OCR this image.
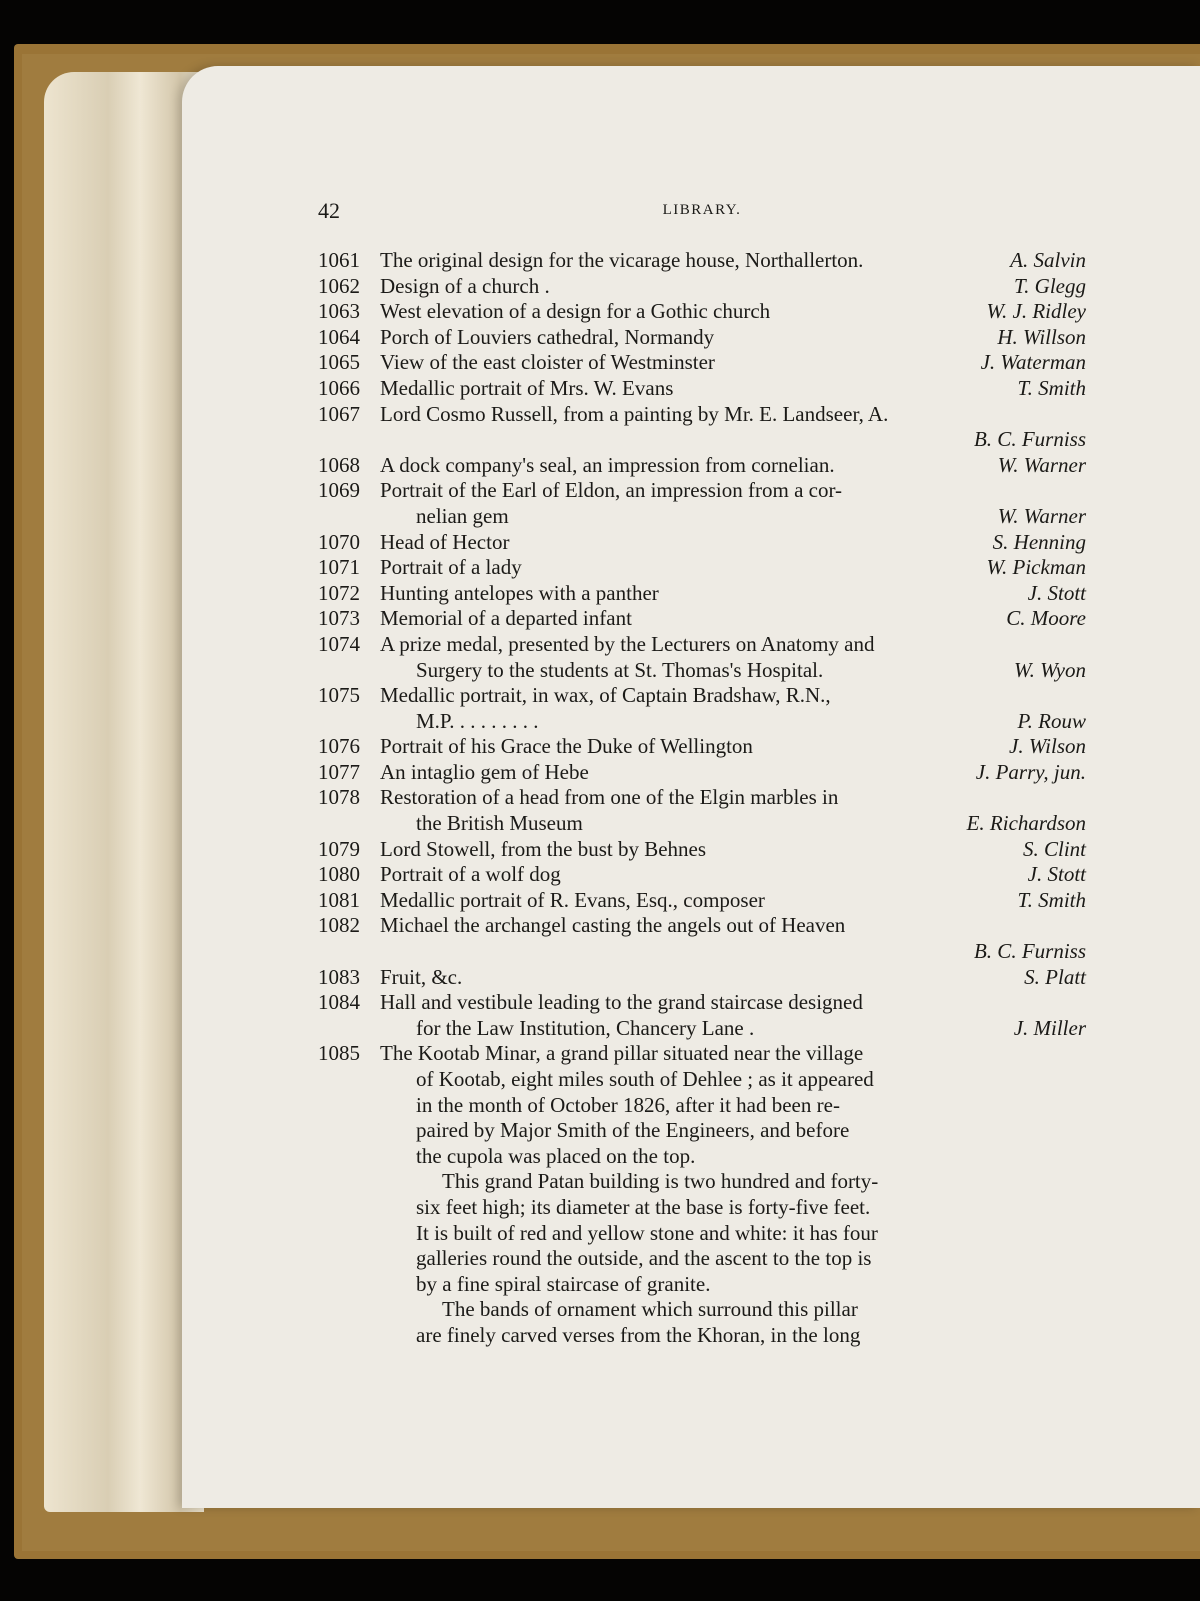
42	LIBRARY.
1061 The original design for the vicarage house, Northallerton.	A. Salvin
1062 Design of a church .	T. Glegg
1063 West elevation of a design for a Gothic church	W. J. Ridley
1064 Porch of Louviers cathedral, Normandy	H. Willson
1065 View of the east cloister of Westminster	J. Waterman
1066 Medallic portrait of Mrs. W. Evans	T. Smith
1067 Lord Cosmo Russell, from a painting by Mr. E. Landseer, A.
B. C. Furniss
1068 A dock company's seal, an impression from cornelian.	W. Warner
1069 Portrait of the Earl of Eldon, an impression from a cor-
nelian gem	W. Warner
1070 Head of Hector	S. Henning
1071 Portrait of a lady	W. Pickman
1072 Hunting antelopes with a panther	J. Stott
1073 Memorial of a departed infant	C. Moore
1074 A prize medal, presented by the Lecturers on Anatomy and
Surgery to the students at St. Thomas's Hospital.	W. Wyon
1075 Medallic portrait, in wax, of Captain Bradshaw, R.N.,
M.P. . . . . . . . .	P. Rouw
1076 Portrait of his Grace the Duke of Wellington	J. Wilson
1077 An intaglio gem of Hebe	J. Parry, jun.
1078 Restoration of a head from one of the Elgin marbles in
the British Museum	E. Richardson
1079 Lord Stowell, from the bust by Behnes	S. Clint
1080 Portrait of a wolf dog	J. Stott
1081 Medallic portrait of R. Evans, Esq., composer	T. Smith
1082 Michael the archangel casting the angels out of Heaven
B. C. Furniss
1083 Fruit, &c.	S. Platt
1084 Hall and vestibule leading to the grand staircase designed
for the Law Institution, Chancery Lane .	J. Miller
1085 The Kootab Minar, a grand pillar situated near the village
of Kootab, eight miles south of Dehlee ; as it appeared
in the month of October 1826, after it had been re-
paired by Major Smith of the Engineers, and before
the cupola was placed on the top.
This grand Patan building is two hundred and forty-
six feet high; its diameter at the base is forty-five feet.
It is built of red and yellow stone and white: it has four
galleries round the outside, and the ascent to the top is
by a fine spiral staircase of granite.
The bands of ornament which surround this pillar
are finely carved verses from the Khoran, in the long
